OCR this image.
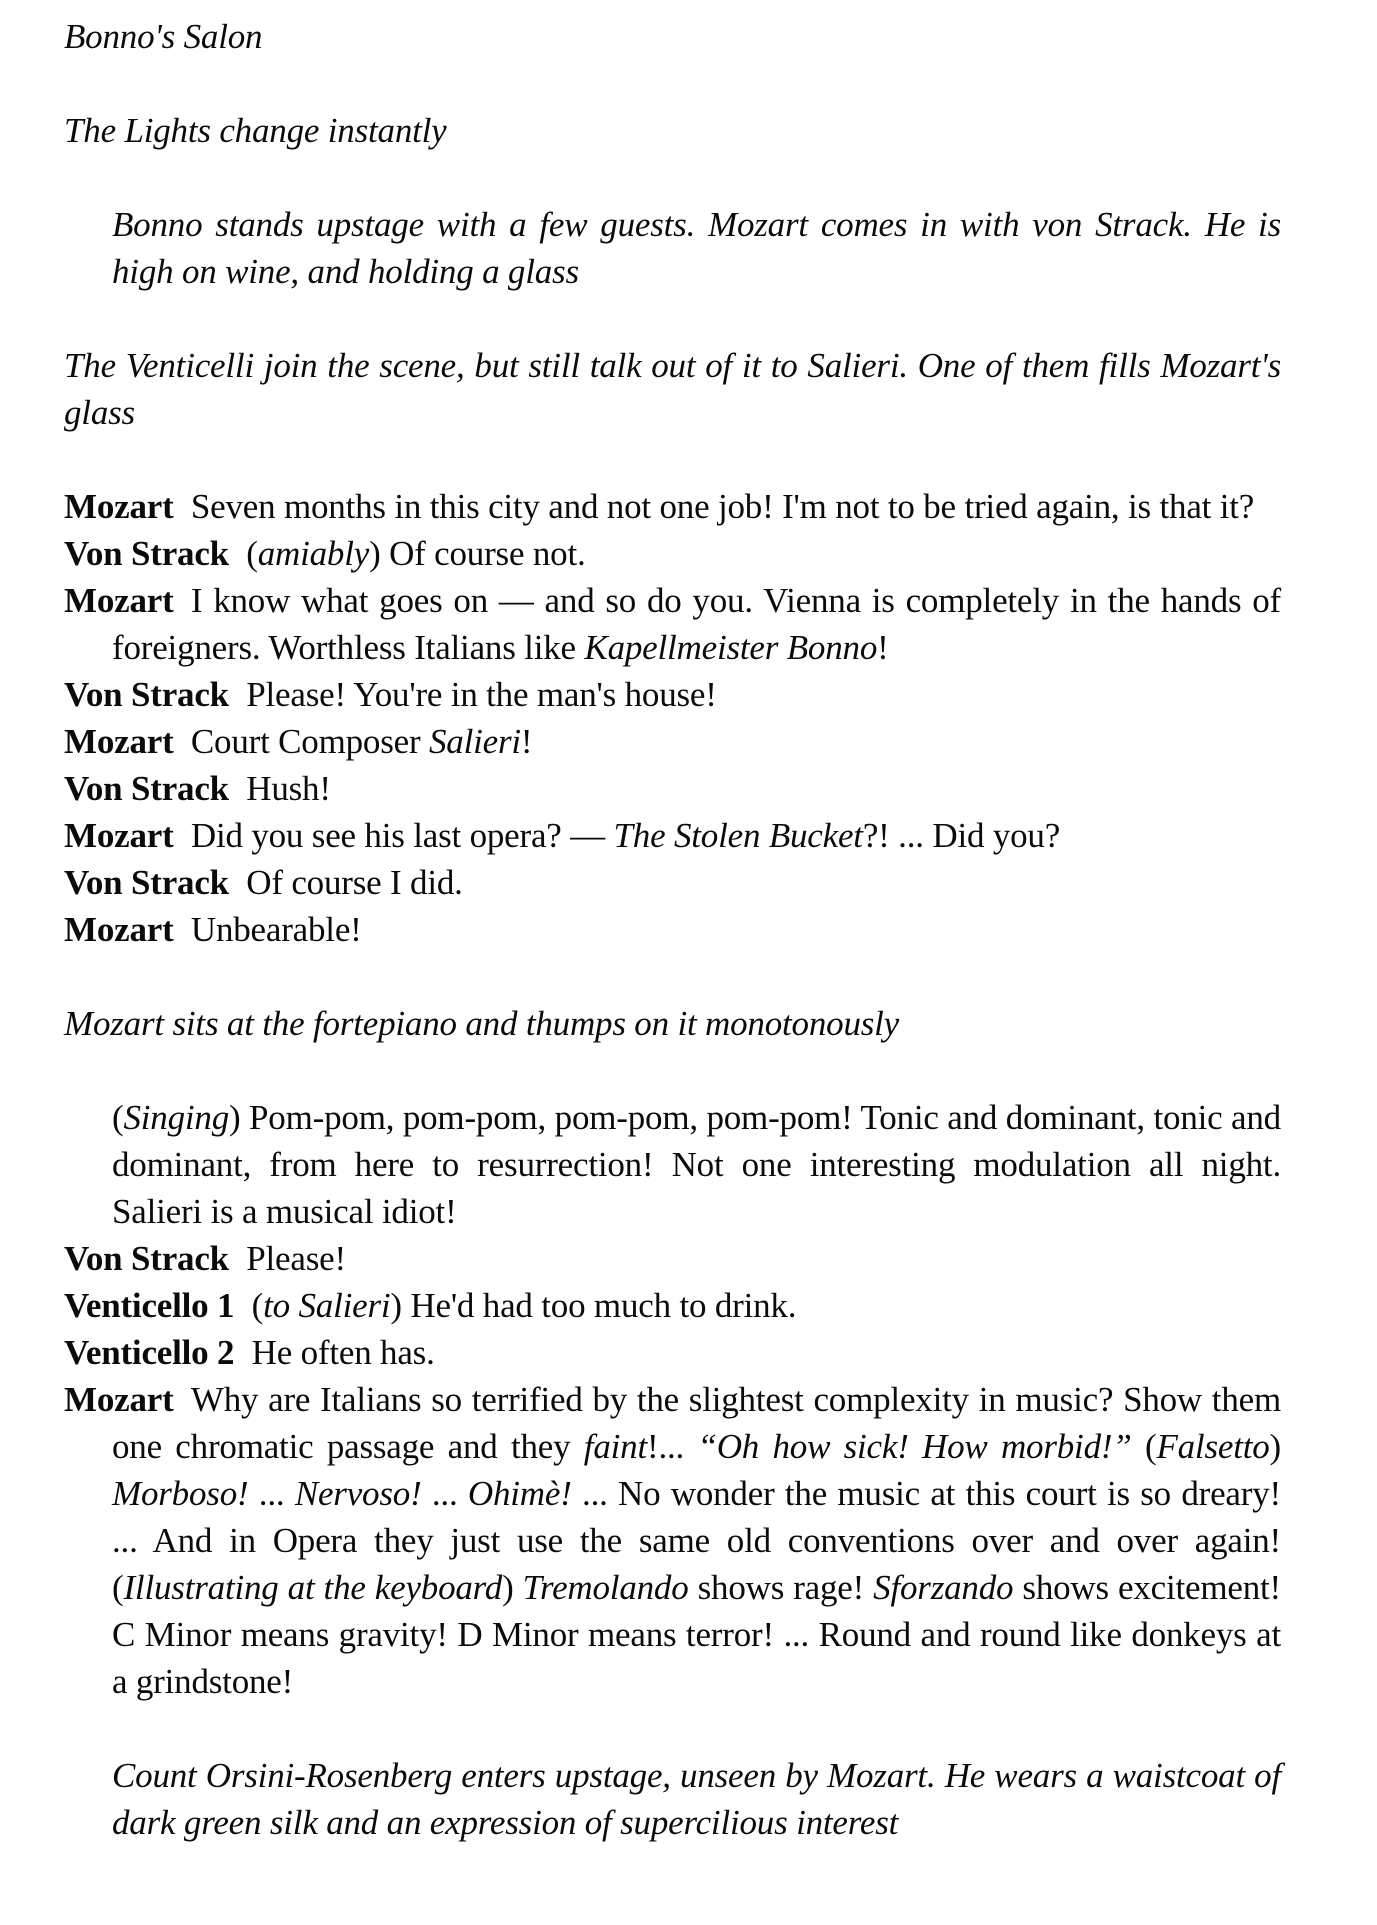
Bonno's Salon
The Lights change instantly
Bonno stands upstage with a few guests. Mozart comes in with von Strack. He is high on wine, and holding a glass
The Venticelli join the scene, but still talk out of it to Salieri. One of them fills Mozart's glass
Mozart  Seven months in this city and not one job! I'm not to be tried again, is that it?
Von Strack  (amiably) Of course not.
Mozart  I know what goes on — and so do you. Vienna is completely in the hands of foreigners. Worthless Italians like Kapellmeister Bonno!
Von Strack  Please! You're in the man's house!
Mozart  Court Composer Salieri!
Von Strack  Hush!
Mozart  Did you see his last opera? — The Stolen Bucket?! ... Did you?
Von Strack  Of course I did.
Mozart  Unbearable!
Mozart sits at the fortepiano and thumps on it monotonously
(Singing) Pom-pom, pom-pom, pom-pom, pom-pom! Tonic and dominant, tonic and dominant, from here to resurrection! Not one interesting modulation all night. Salieri is a musical idiot!
Von Strack  Please!
Venticello 1  (to Salieri) He'd had too much to drink.
Venticello 2  He often has.
Mozart  Why are Italians so terrified by the slightest complexity in music? Show them one chromatic passage and they faint!... “Oh how sick! How morbid!” (Falsetto) Morboso! ... Nervoso! ... Ohimè! ... No wonder the music at this court is so dreary! ... And in Opera they just use the same old conventions over and over again! (Illustrating at the keyboard) Tremolando shows rage! Sforzando shows excitement! C Minor means gravity! D Minor means terror! ... Round and round like donkeys at a grindstone!
Count Orsini-Rosenberg enters upstage, unseen by Mozart. He wears a waistcoat of dark green silk and an expression of supercilious interest
